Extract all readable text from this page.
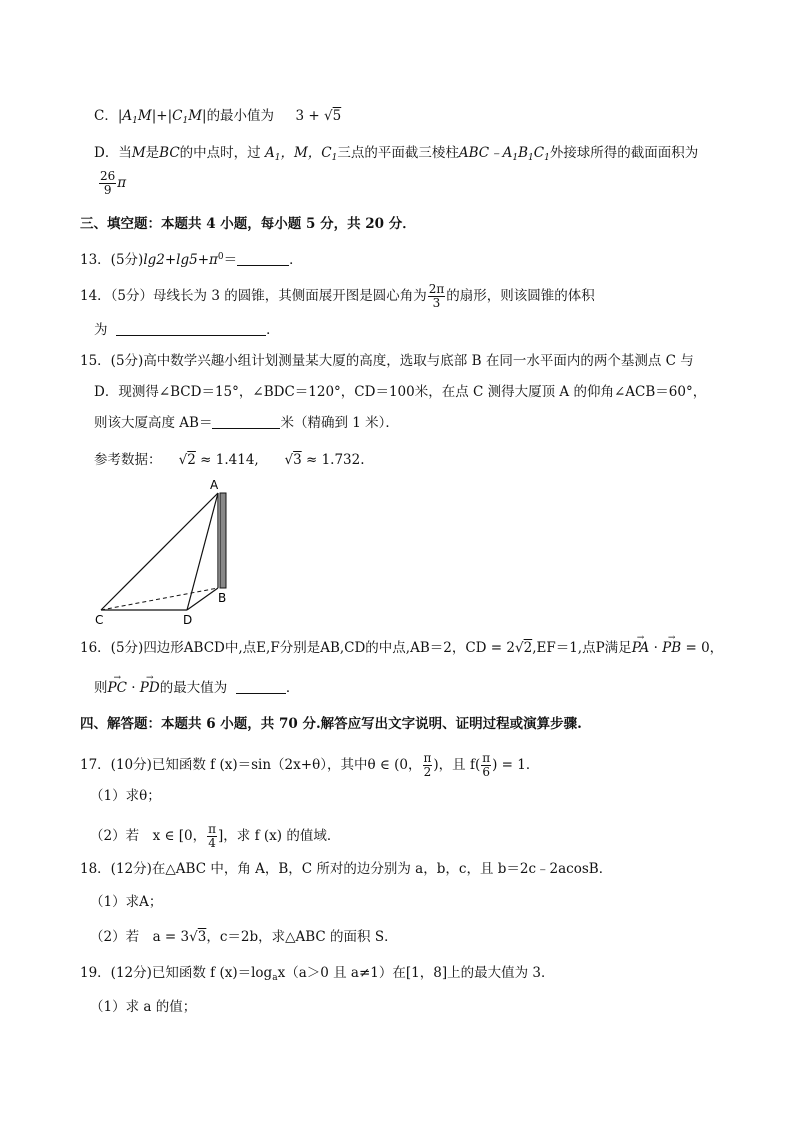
C．$|A_1M|+|C_1M|$的最小值为 3 + √5
D．当M是BC的中点时，过 $A_1$，M，$C_1$三点的平面截三棱柱$ABC﹣A_1B_1C_1$外接球所得的截面面积为
$\frac{26}{9}$ π
三、填空题：本题共 4 小题，每小题 5 分，共 20 分．
13．(5分)$\lg 2+\lg 5+\pi^0=$	．
14．（5分）母线长为 3 的圆锥，其侧面展开图是圆心角为 $\frac{2\pi}{3}$ 的扇形，则该圆锥的体积
为	．
15．(5分)高中数学兴趣小组计划测量某大厦的高度，选取与底部 B 在同一水平面内的两个基测点 C 与
D．现测得∠BCD＝15°，∠BDC＝120°，CD＝100米，在点 C 测得大厦顶 A 的仰角∠ACB＝60°，
则该大厦高度 AB＝	米（精确到 1 米）．
参考数据：    √2 ≈ 1.414,      √3 ≈ 1.732.
A
B
C	D
16．(5分)四边形ABCD中,点E,F分别是AB,CD的中点,AB＝2，CD = 2√2,EF＝1,点P满足→ PA · → PB = 0，
则→ PC · → PD的最大值为	．
四、解答题：本题共 6 小题，共 70 分.解答应写出文字说明、证明过程或演算步骤.
17．(10分)已知函数 f (x)＝sin（2x+θ），其中θ ∈ (0， $\frac{\pi}{2}$ )，且 $f( \frac{\pi}{6}$ ) = 1．
（1）求θ；
（2）若　x ∈ [0， $\frac{\pi}{4}$ ]，求 f (x) 的值域．
18．(12分)在△ABC 中，角 A，B，C 所对的边分别为 a，b，c，且 b＝2c﹣2acosB．
（1）求A；
（2）若　a = 3√3，c＝2b，求△ABC 的面积 S．
19．(12分)已知函数 f $(x)=\log_ax(a>0$ 且 a≠1）在[1，8]上的最大值为 3．
（1）求 a 的值；
